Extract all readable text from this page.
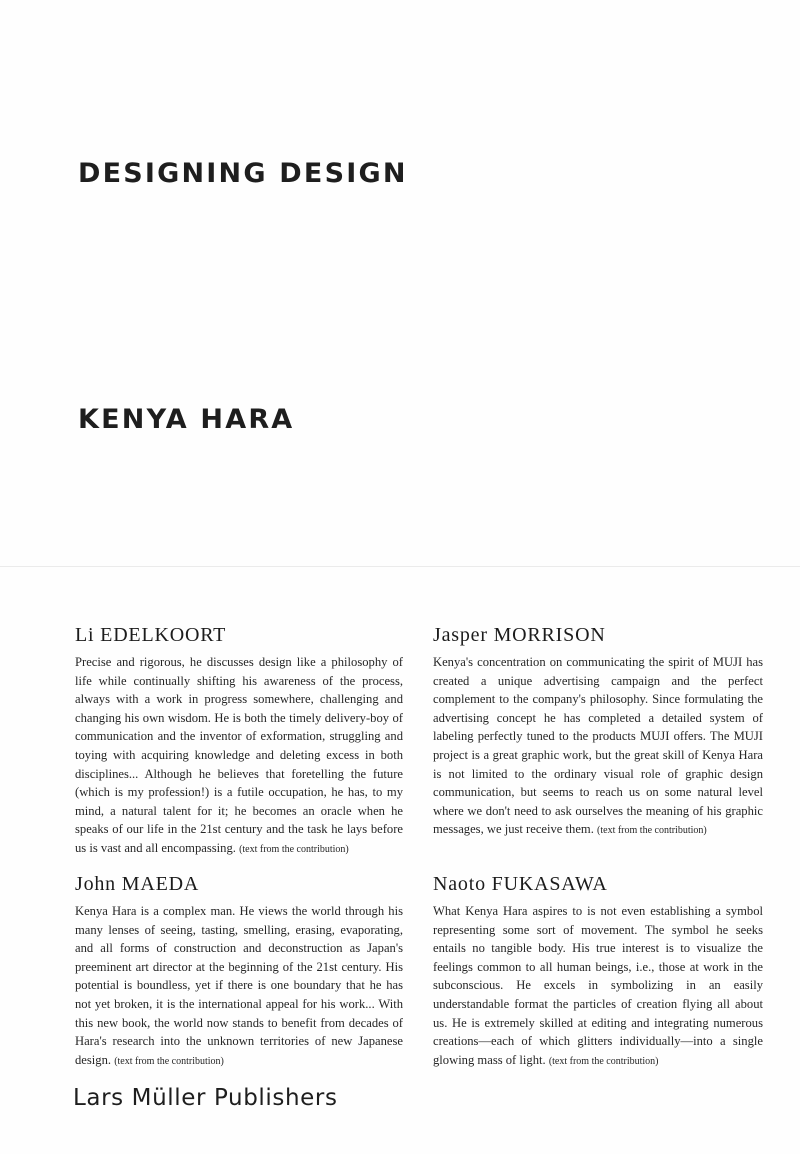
DESIGNING DESIGN
KENYA HARA
Li EDELKOORT

Precise and rigorous, he discusses design like a philosophy of life while continually shifting his awareness of the process, always with a work in progress somewhere, challenging and changing his own wisdom. He is both the timely delivery-boy of communication and the inventor of exformation, struggling and toying with acquiring knowledge and deleting excess in both disciplines... Although he believes that foretelling the future (which is my profession!) is a futile occupation, he has, to my mind, a natural talent for it; he becomes an oracle when he speaks of our life in the 21st century and the task he lays before us is vast and all encompassing. (text from the contribution)

Jasper MORRISON

Kenya's concentration on communicating the spirit of MUJI has created a unique advertising campaign and the perfect complement to the company's philosophy. Since formulating the advertising concept he has completed a detailed system of labeling perfectly tuned to the products MUJI offers. The MUJI project is a great graphic work, but the great skill of Kenya Hara is not limited to the ordinary visual role of graphic design communication, but seems to reach us on some natural level where we don't need to ask ourselves the meaning of his graphic messages, we just receive them. (text from the contribution)

John MAEDA

Kenya Hara is a complex man. He views the world through his many lenses of seeing, tasting, smelling, erasing, evaporating, and all forms of construction and deconstruction as Japan's preeminent art director at the beginning of the 21st century. His potential is boundless, yet if there is one boundary that he has not yet broken, it is the international appeal for his work... With this new book, the world now stands to benefit from decades of Hara's research into the unknown territories of new Japanese design. (text from the contribution)

Naoto FUKASAWA

What Kenya Hara aspires to is not even establishing a symbol representing some sort of movement. The symbol he seeks entails no tangible body. His true interest is to visualize the feelings common to all human beings, i.e., those at work in the subconscious. He excels in symbolizing in an easily understandable format the particles of creation flying all about us. He is extremely skilled at editing and integrating numerous creations—each of which glitters individually—into a single glowing mass of light. (text from the contribution)

Lars Müller Publishers
